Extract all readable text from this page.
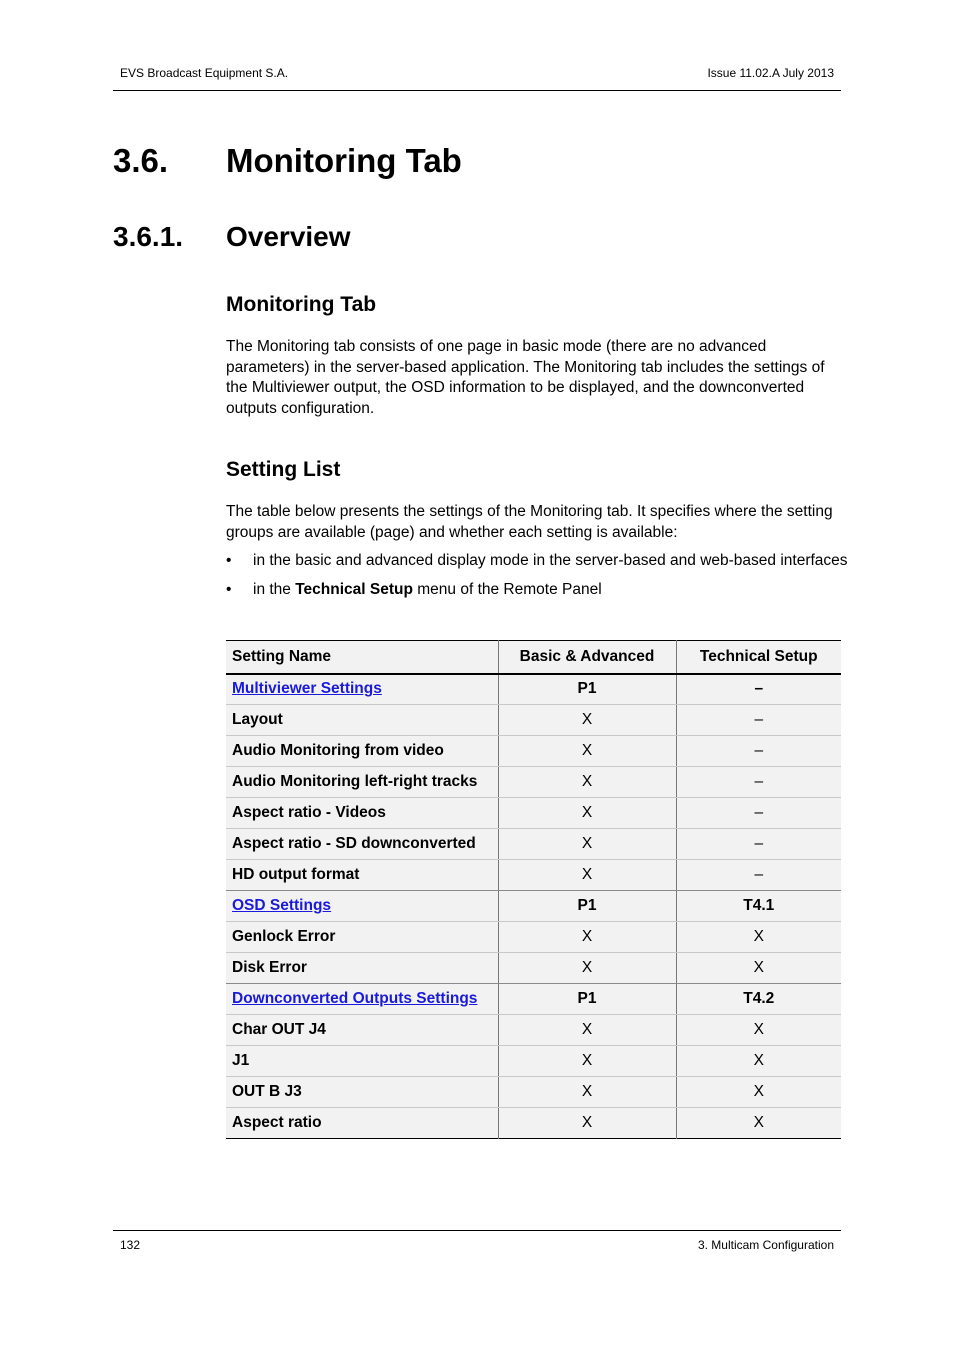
EVS Broadcast Equipment S.A.	Issue 11.02.A July 2013
3.6. Monitoring Tab
3.6.1. Overview
Monitoring Tab
The Monitoring tab consists of one page in basic mode (there are no advanced parameters) in the server-based application. The Monitoring tab includes the settings of the Multiviewer output, the OSD information to be displayed, and the downconverted outputs configuration.
Setting List
The table below presents the settings of the Monitoring tab. It specifies where the setting groups are available (page) and whether each setting is available:
• in the basic and advanced display mode in the server-based and web-based interfaces
• in the Technical Setup menu of the Remote Panel
Setting Name	Basic & Advanced	Technical Setup
Multiviewer Settings	P1	–
Layout	X	–
Audio Monitoring from video	X	–
Audio Monitoring left-right tracks	X	–
Aspect ratio - Videos	X	–
Aspect ratio - SD downconverted	X	–
HD output format	X	–
OSD Settings	P1	T4.1
Genlock Error	X	X
Disk Error	X	X
Downconverted Outputs Settings	P1	T4.2
Char OUT J4	X	X
J1	X	X
OUT B J3	X	X
Aspect ratio	X	X
132	3. Multicam Configuration
